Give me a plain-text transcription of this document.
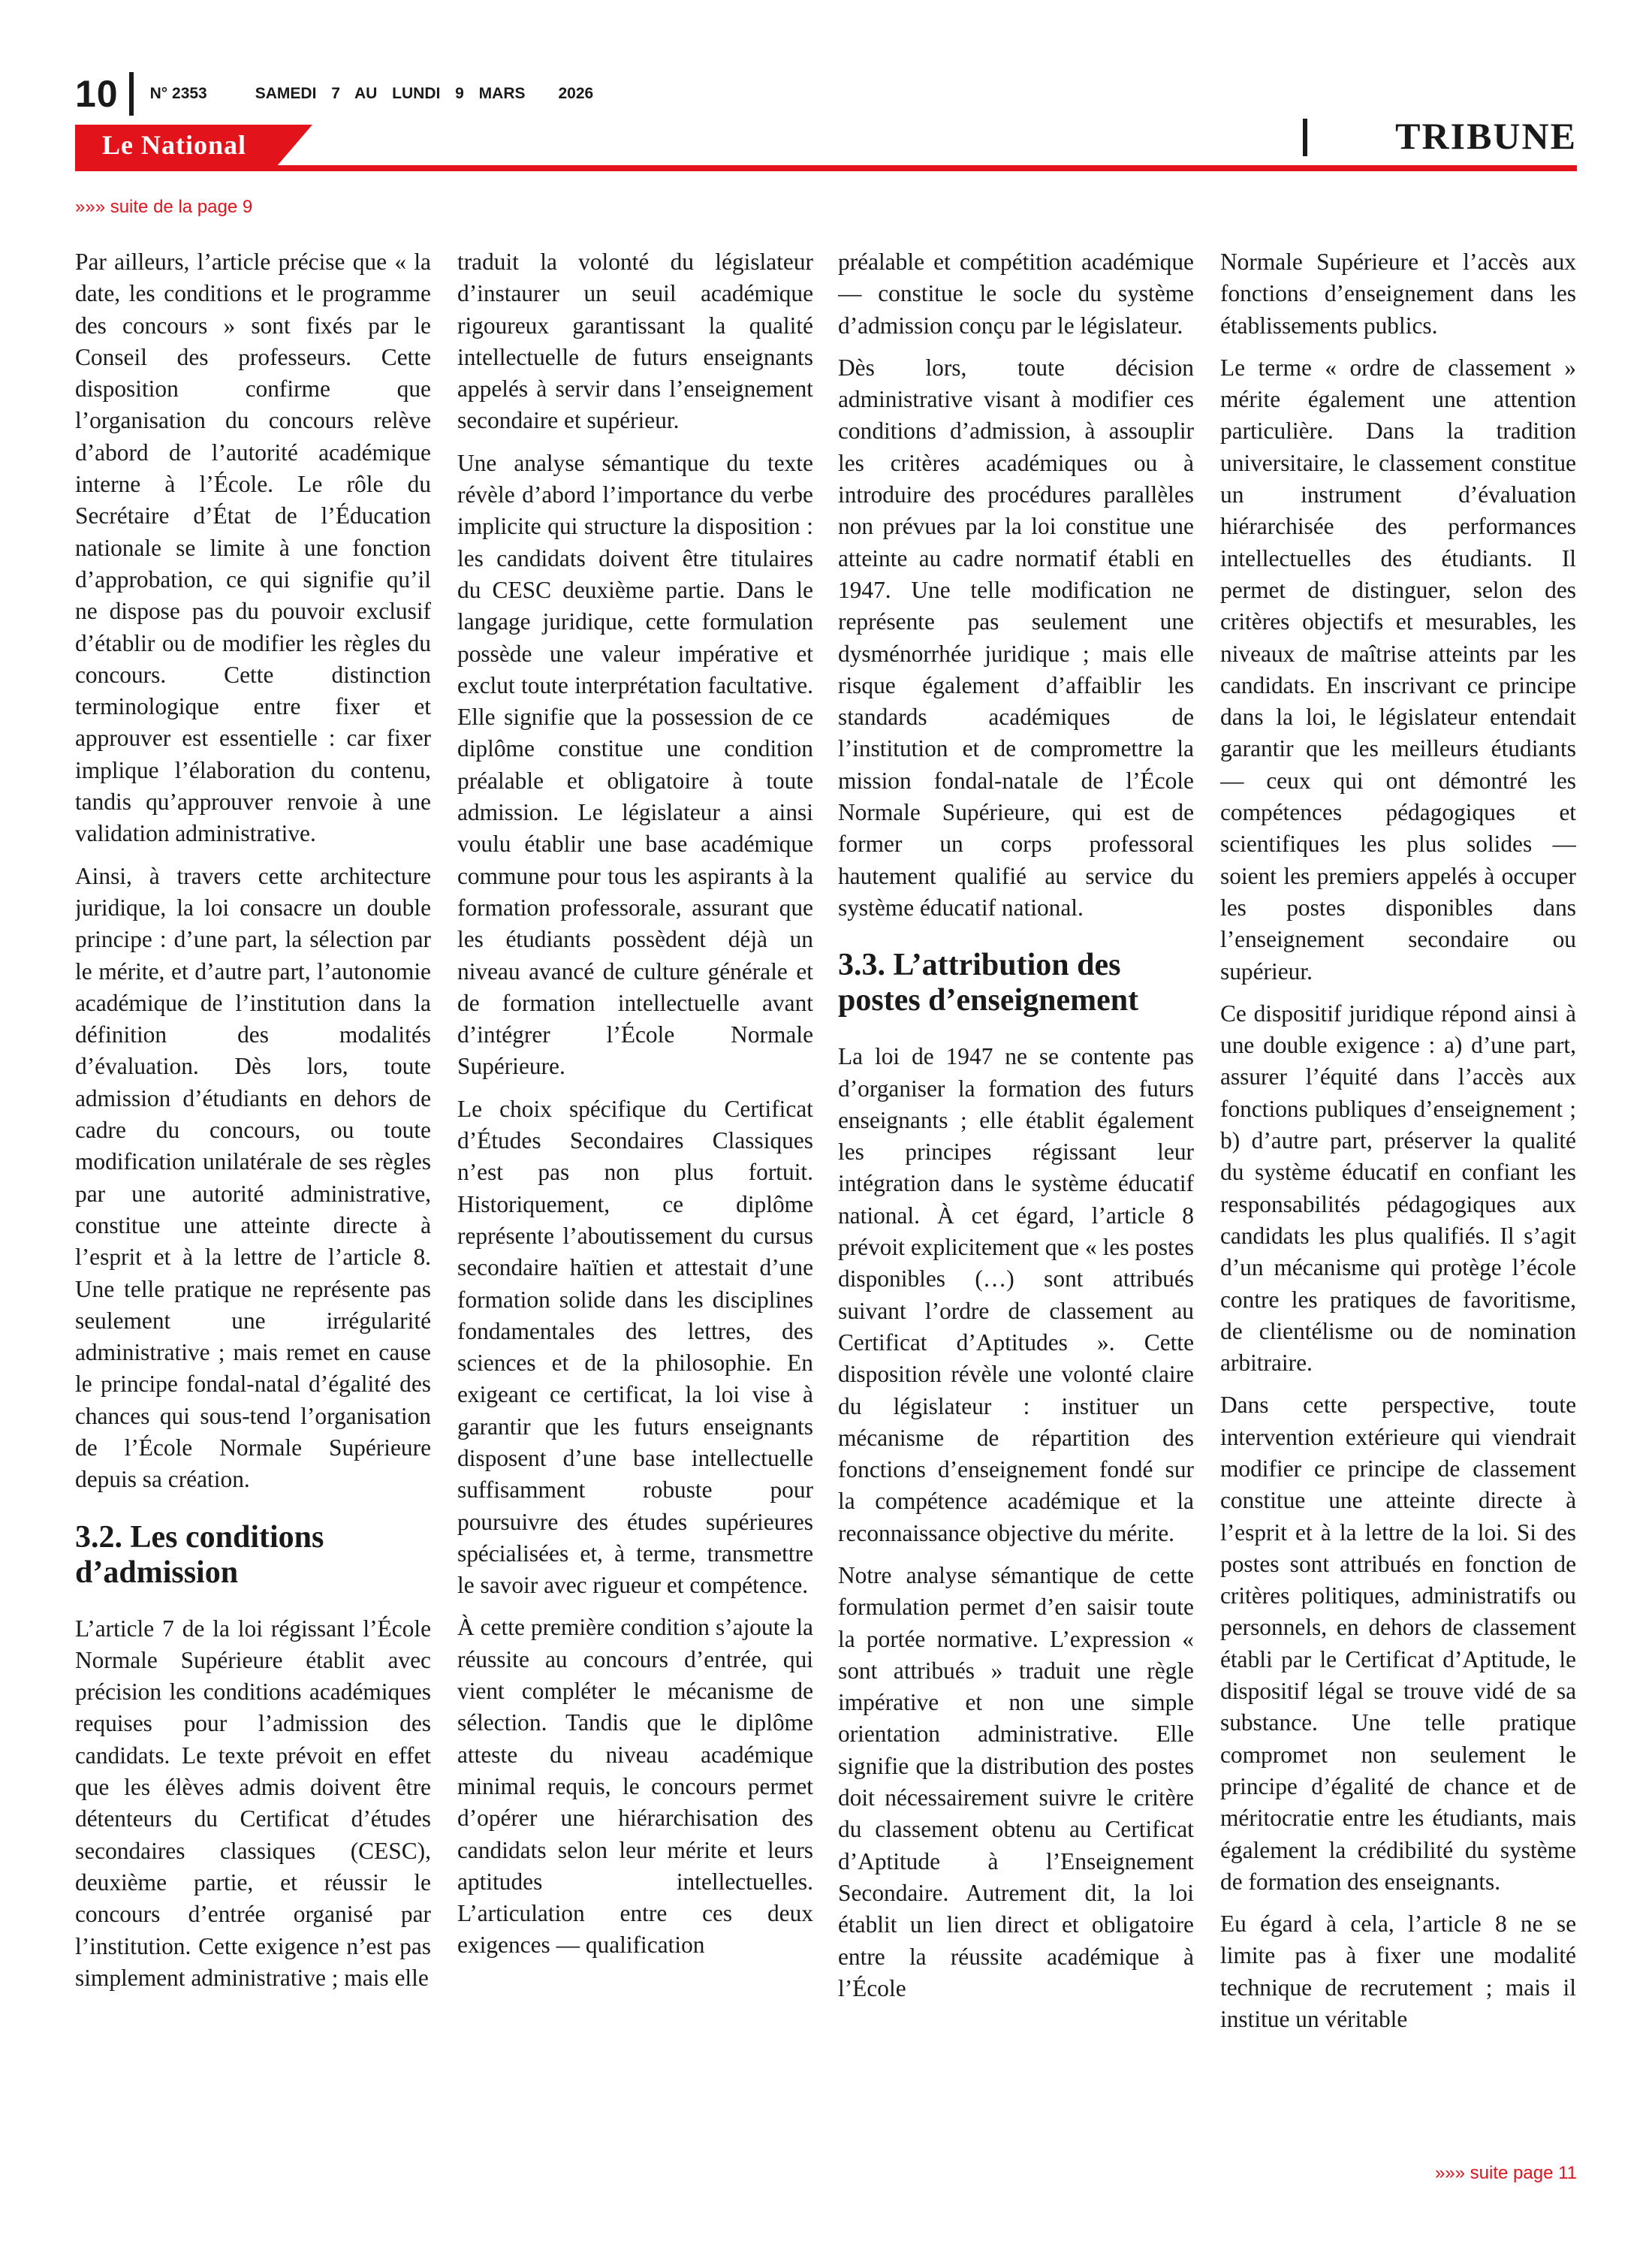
10 N° 2353	SAMEDI 7 AU LUNDI 9 MARS 2026
Le National	TRIBUNE
»»» suite de la page 9

Par ailleurs, l’article précise que « la date, les conditions et le programme des concours » sont fixés par le Conseil des professeurs. Cette disposition confirme que l’organisation du concours relève d’abord de l’autorité académique interne à l’École. Le rôle du Secrétaire d’État de l’Éducation nationale se limite à une fonction d’approbation, ce qui signifie qu’il ne dispose pas du pouvoir exclusif d’établir ou de modifier les règles du concours. Cette distinction terminologique entre fixer et approuver est essentielle : car fixer implique l’élaboration du contenu, tandis qu’approuver renvoie à une validation administrative.

Ainsi, à travers cette architecture juridique, la loi consacre un double principe : d’une part, la sélection par le mérite, et d’autre part, l’autonomie académique de l’institution dans la définition des modalités d’évaluation. Dès lors, toute admission d’étudiants en dehors de cadre du concours, ou toute modification unilatérale de ses règles par une autorité administrative, constitue une atteinte directe à l’esprit et à la lettre de l’article 8. Une telle pratique ne représente pas seulement une irrégularité administrative ; mais remet en cause le principe fondal-natal d’égalité des chances qui sous-tend l’organisation de l’École Normale Supérieure depuis sa création.

3.2. Les conditions d’admission

L’article 7 de la loi régissant l’École Normale Supérieure établit avec précision les conditions académiques requises pour l’admission des candidats. Le texte prévoit en effet que les élèves admis doivent être détenteurs du Certificat d’études secondaires classiques (CESC), deuxième partie, et réussir le concours d’entrée organisé par l’institution. Cette exigence n’est pas simplement administrative ; mais elle

traduit la volonté du législateur d’instaurer un seuil académique rigoureux garantissant la qualité intellectuelle de futurs enseignants appelés à servir dans l’enseignement secondaire et supérieur.

Une analyse sémantique du texte révèle d’abord l’importance du verbe implicite qui structure la disposition : les candidats doivent être titulaires du CESC deuxième partie. Dans le langage juridique, cette formulation possède une valeur impérative et exclut toute interprétation facultative. Elle signifie que la possession de ce diplôme constitue une condition préalable et obligatoire à toute admission. Le législateur a ainsi voulu établir une base académique commune pour tous les aspirants à la formation professorale, assurant que les étudiants possèdent déjà un niveau avancé de culture générale et de formation intellectuelle avant d’intégrer l’École Normale Supérieure.

Le choix spécifique du Certificat d’Études Secondaires Classiques n’est pas non plus fortuit. Historiquement, ce diplôme représente l’aboutissement du cursus secondaire haïtien et attestait d’une formation solide dans les disciplines fondamentales des lettres, des sciences et de la philosophie. En exigeant ce certificat, la loi vise à garantir que les futurs enseignants disposent d’une base intellectuelle suffisamment robuste pour poursuivre des études supérieures spécialisées et, à terme, transmettre le savoir avec rigueur et compétence.

À cette première condition s’ajoute la réussite au concours d’entrée, qui vient compléter le mécanisme de sélection. Tandis que le diplôme atteste du niveau académique minimal requis, le concours permet d’opérer une hiérarchisation des candidats selon leur mérite et leurs aptitudes intellectuelles. L’articulation entre ces deux exigences — qualification

préalable et compétition académique — constitue le socle du système d’admission conçu par le législateur.

Dès lors, toute décision administrative visant à modifier ces conditions d’admission, à assouplir les critères académiques ou à introduire des procédures parallèles non prévues par la loi constitue une atteinte au cadre normatif établi en 1947. Une telle modification ne représente pas seulement une dysménorrhée juridique ; mais elle risque également d’affaiblir les standards académiques de l’institution et de compromettre la mission fondal-natale de l’École Normale Supérieure, qui est de former un corps professoral hautement qualifié au service du système éducatif national.

3.3. L’attribution des postes d’enseignement

La loi de 1947 ne se contente pas d’organiser la formation des futurs enseignants ; elle établit également les principes régissant leur intégration dans le système éducatif national. À cet égard, l’article 8 prévoit explicitement que « les postes disponibles (…) sont attribués suivant l’ordre de classement au Certificat d’Aptitudes ». Cette disposition révèle une volonté claire du législateur : instituer un mécanisme de répartition des fonctions d’enseignement fondé sur la compétence académique et la reconnaissance objective du mérite.

Notre analyse sémantique de cette formulation permet d’en saisir toute la portée normative. L’expression « sont attribués » traduit une règle impérative et non une simple orientation administrative. Elle signifie que la distribution des postes doit nécessairement suivre le critère du classement obtenu au Certificat d’Aptitude à l’Enseignement Secondaire. Autrement dit, la loi établit un lien direct et obligatoire entre la réussite académique à l’École

Normale Supérieure et l’accès aux fonctions d’enseignement dans les établissements publics.

Le terme « ordre de classement » mérite également une attention particulière. Dans la tradition universitaire, le classement constitue un instrument d’évaluation hiérarchisée des performances intellectuelles des étudiants. Il permet de distinguer, selon des critères objectifs et mesurables, les niveaux de maîtrise atteints par les candidats. En inscrivant ce principe dans la loi, le législateur entendait garantir que les meilleurs étudiants — ceux qui ont démontré les compétences pédagogiques et scientifiques les plus solides — soient les premiers appelés à occuper les postes disponibles dans l’enseignement secondaire ou supérieur.

Ce dispositif juridique répond ainsi à une double exigence : a) d’une part, assurer l’équité dans l’accès aux fonctions publiques d’enseignement ; b) d’autre part, préserver la qualité du système éducatif en confiant les responsabilités pédagogiques aux candidats les plus qualifiés. Il s’agit d’un mécanisme qui protège l’école contre les pratiques de favoritisme, de clientélisme ou de nomination arbitraire.

Dans cette perspective, toute intervention extérieure qui viendrait modifier ce principe de classement constitue une atteinte directe à l’esprit et à la lettre de la loi. Si des postes sont attribués en fonction de critères politiques, administratifs ou personnels, en dehors de classement établi par le Certificat d’Aptitude, le dispositif légal se trouve vidé de sa substance. Une telle pratique compromet non seulement le principe d’égalité de chance et de méritocratie entre les étudiants, mais également la crédibilité du système de formation des enseignants.

Eu égard à cela, l’article 8 ne se limite pas à fixer une modalité technique de recrutement ; mais il institue un véritable

»»» suite page 11
